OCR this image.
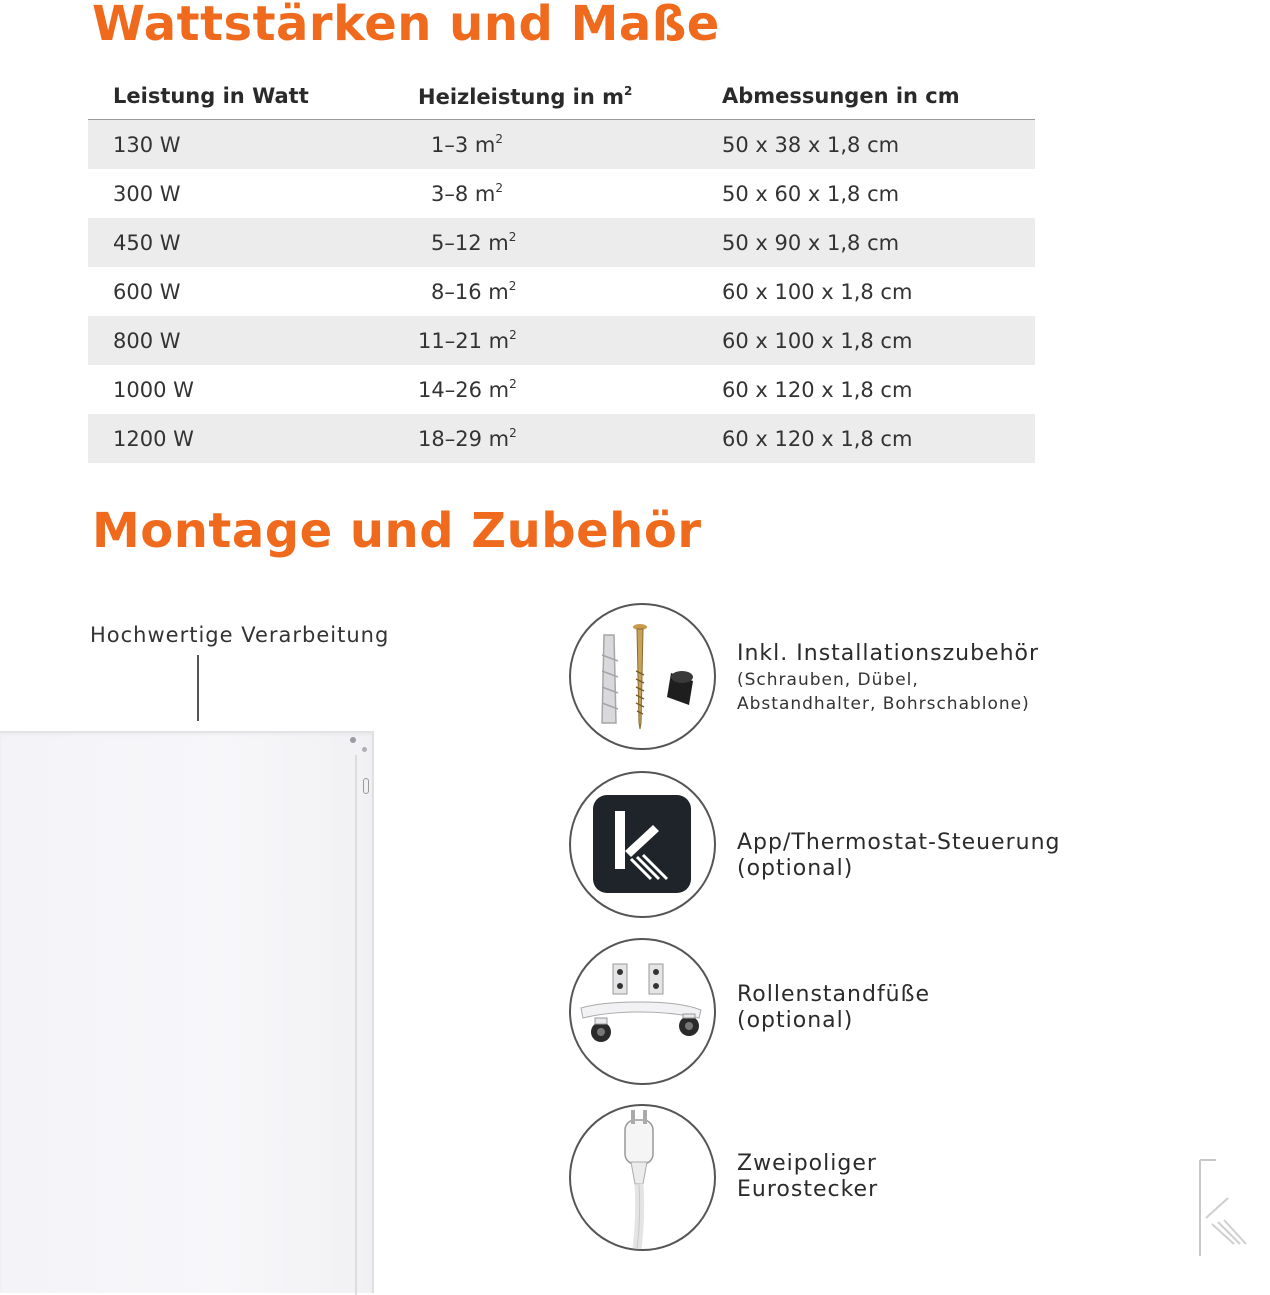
Wattstärken und Maße
Leistung in Watt	Heizleistung in $m^2$	Abmessungen in cm
130 W	1–3 $m^2$	50 x 38 x 1,8 cm
300 W	3–8 $m^2$	50 x 60 x 1,8 cm
450 W	5–12 $m^2$	50 x 90 x 1,8 cm
600 W	8–16 $m^2$	60 x 100 x 1,8 cm
800 W	11–21 $m^2$	60 x 100 x 1,8 cm
1000 W	14–26 $m^2$	60 x 120 x 1,8 cm
1200 W	18–29 $m^2$	60 x 120 x 1,8 cm
Montage und Zubehör
Hochwertige Verarbeitung
Inkl. Installationszubehör
(Schrauben, Dübel,
Abstandhalter, Bohrschablone)
App/Thermostat-Steuerung
(optional)
Rollenstandfüße
(optional)
Zweipoliger
Eurostecker
